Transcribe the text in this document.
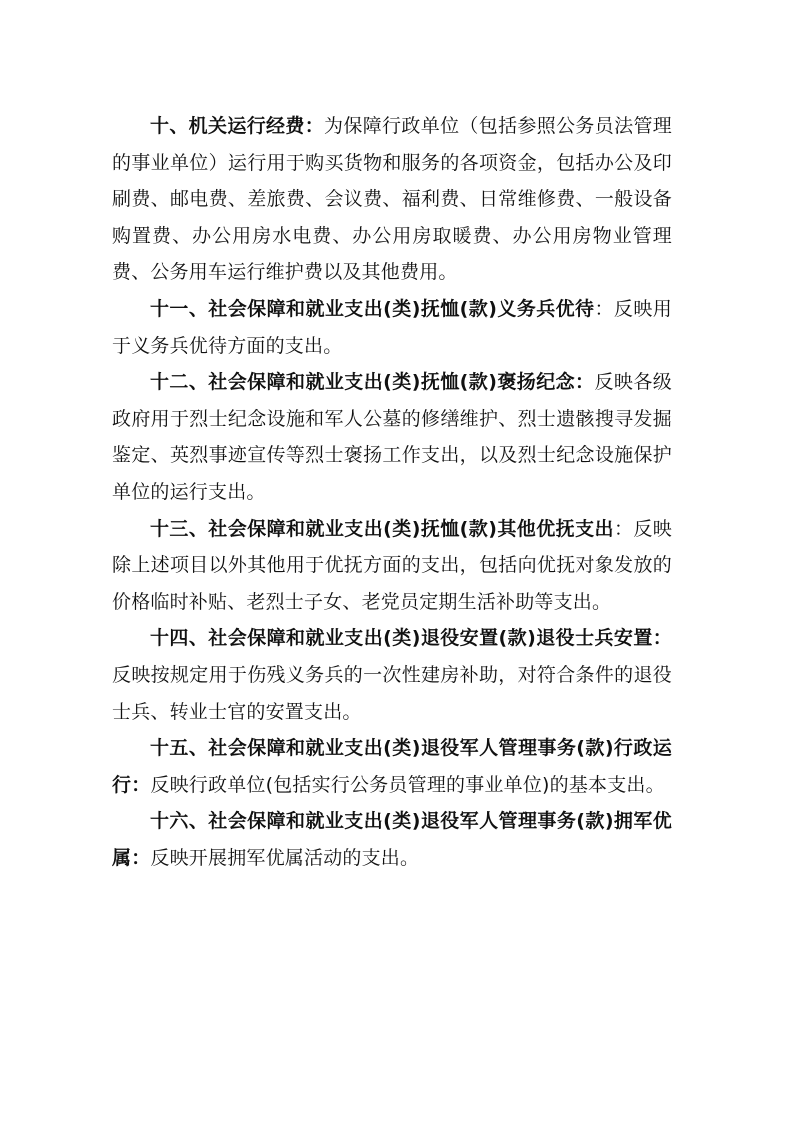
十、机关运行经费：为保障行政单位（包括参照公务员法管理的事业单位）运行用于购买货物和服务的各项资金，包括办公及印刷费、邮电费、差旅费、会议费、福利费、日常维修费、一般设备购置费、办公用房水电费、办公用房取暖费、办公用房物业管理费、公务用车运行维护费以及其他费用。

十一、社会保障和就业支出(类)抚恤(款)义务兵优待：反映用于义务兵优待方面的支出。

十二、社会保障和就业支出(类)抚恤(款)褒扬纪念：反映各级政府用于烈士纪念设施和军人公墓的修缮维护、烈士遗骸搜寻发掘鉴定、英烈事迹宣传等烈士褒扬工作支出，以及烈士纪念设施保护单位的运行支出。

十三、社会保障和就业支出(类)抚恤(款)其他优抚支出：反映除上述项目以外其他用于优抚方面的支出，包括向优抚对象发放的价格临时补贴、老烈士子女、老党员定期生活补助等支出。

十四、社会保障和就业支出(类)退役安置(款)退役士兵安置：反映按规定用于伤残义务兵的一次性建房补助，对符合条件的退役士兵、转业士官的安置支出。

十五、社会保障和就业支出(类)退役军人管理事务(款)行政运行：反映行政单位(包括实行公务员管理的事业单位)的基本支出。

十六、社会保障和就业支出(类)退役军人管理事务(款)拥军优属：反映开展拥军优属活动的支出。
